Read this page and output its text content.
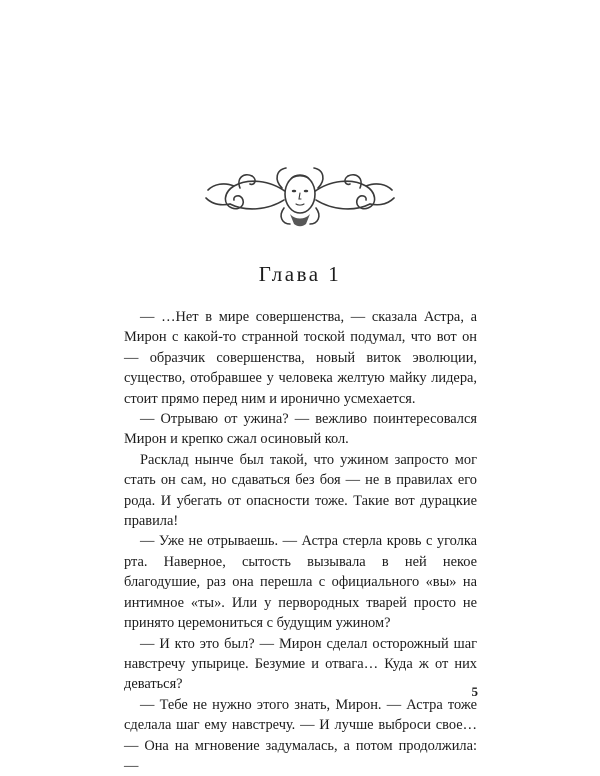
Глава 1

— …Нет в мире совершенства, — сказала Астра, а Мирон с какой-то странной тоской подумал, что вот он — образчик совершенства, новый виток эволюции, существо, отобравшее у человека желтую майку лидера, стоит прямо перед ним и иронично усмехается.

— Отрываю от ужина? — вежливо поинтересовался Мирон и крепко сжал осиновый кол.

Расклад нынче был такой, что ужином запросто мог стать он сам, но сдаваться без боя — не в правилах его рода. И убегать от опасности тоже. Такие вот дурацкие правила!

— Уже не отрываешь. — Астра стерла кровь с уголка рта. Наверное, сытость вызывала в ней некое благодушие, раз она перешла с официального «вы» на интимное «ты». Или у первородных тварей просто не принято церемониться с будущим ужином?

— И кто это был? — Мирон сделал осторожный шаг навстречу упырице. Безумие и отвага… Куда ж от них деваться?

— Тебе не нужно этого знать, Мирон. — Астра тоже сделала шаг ему навстречу. — И лучше выброси свое… — Она на мгновение задумалась, а потом продолжила: —

5
